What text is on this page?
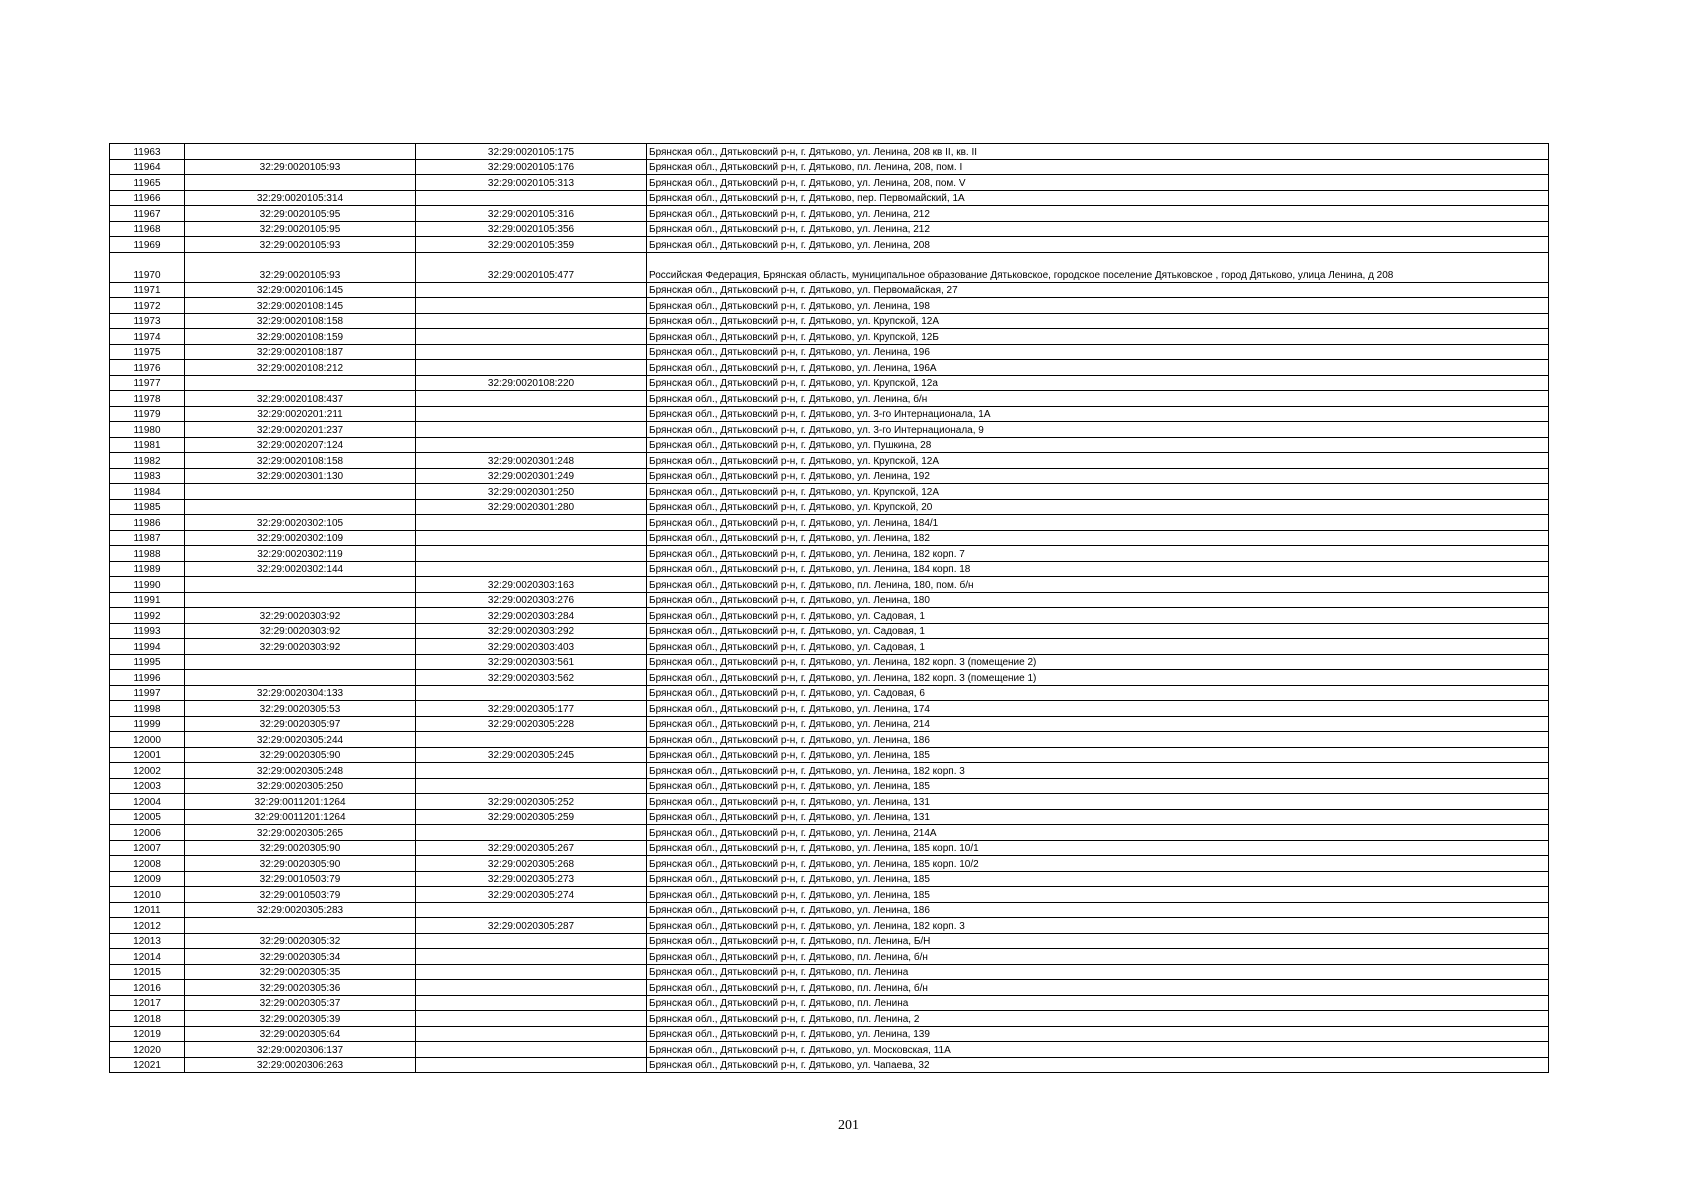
11963		32:29:0020105:175	Брянская обл., Дятьковский р-н, г. Дятьково, ул. Ленина, 208 кв II, кв. II
11964	32:29:0020105:93	32:29:0020105:176	Брянская обл., Дятьковский р-н, г. Дятьково, пл. Ленина, 208, пом. I
11965		32:29:0020105:313	Брянская обл., Дятьковский р-н, г. Дятьково, ул. Ленина, 208, пом. V
11966	32:29:0020105:314		Брянская обл., Дятьковский р-н, г. Дятьково, пер. Первомайский, 1А
11967	32:29:0020105:95	32:29:0020105:316	Брянская обл., Дятьковский р-н, г. Дятьково, ул. Ленина, 212
11968	32:29:0020105:95	32:29:0020105:356	Брянская обл., Дятьковский р-н, г. Дятьково, ул. Ленина, 212
11969	32:29:0020105:93	32:29:0020105:359	Брянская обл., Дятьковский р-н, г. Дятьково, ул. Ленина, 208
11970	32:29:0020105:93	32:29:0020105:477	Российская Федерация, Брянская область, муниципальное образование Дятьковское, городское поселение Дятьковское , город Дятьково, улица Ленина, д 208
11971	32:29:0020106:145		Брянская обл., Дятьковский р-н, г. Дятьково, ул. Первомайская, 27
11972	32:29:0020108:145		Брянская обл., Дятьковский р-н, г. Дятьково, ул. Ленина, 198
11973	32:29:0020108:158		Брянская обл., Дятьковский р-н, г. Дятьково, ул. Крупской, 12А
11974	32:29:0020108:159		Брянская обл., Дятьковский р-н, г. Дятьково, ул. Крупской, 12Б
11975	32:29:0020108:187		Брянская обл., Дятьковский р-н, г. Дятьково, ул. Ленина, 196
11976	32:29:0020108:212		Брянская обл., Дятьковский р-н, г. Дятьково, ул. Ленина, 196А
11977		32:29:0020108:220	Брянская обл., Дятьковский р-н, г. Дятьково, ул. Крупской, 12а
11978	32:29:0020108:437		Брянская обл., Дятьковский р-н, г. Дятьково, ул. Ленина, б/н
11979	32:29:0020201:211		Брянская обл., Дятьковский р-н, г. Дятьково, ул. 3-го Интернационала, 1А
11980	32:29:0020201:237		Брянская обл., Дятьковский р-н, г. Дятьково, ул. 3-го Интернационала, 9
11981	32:29:0020207:124		Брянская обл., Дятьковский р-н, г. Дятьково, ул. Пушкина, 28
11982	32:29:0020108:158	32:29:0020301:248	Брянская обл., Дятьковский р-н, г. Дятьково, ул. Крупской, 12А
11983	32:29:0020301:130	32:29:0020301:249	Брянская обл., Дятьковский р-н, г. Дятьково, ул. Ленина, 192
11984		32:29:0020301:250	Брянская обл., Дятьковский р-н, г. Дятьково, ул. Крупской, 12А
11985		32:29:0020301:280	Брянская обл., Дятьковский р-н, г. Дятьково, ул. Крупской, 20
11986	32:29:0020302:105		Брянская обл., Дятьковский р-н, г. Дятьково, ул. Ленина, 184/1
11987	32:29:0020302:109		Брянская обл., Дятьковский р-н, г. Дятьково, ул. Ленина, 182
11988	32:29:0020302:119		Брянская обл., Дятьковский р-н, г. Дятьково, ул. Ленина, 182 корп. 7
11989	32:29:0020302:144		Брянская обл., Дятьковский р-н, г. Дятьково, ул. Ленина, 184 корп. 18
11990		32:29:0020303:163	Брянская обл., Дятьковский р-н, г. Дятьково, пл. Ленина, 180, пом. б/н
11991		32:29:0020303:276	Брянская обл., Дятьковский р-н, г. Дятьково, ул. Ленина, 180
11992	32:29:0020303:92	32:29:0020303:284	Брянская обл., Дятьковский р-н, г. Дятьково, ул. Садовая, 1
11993	32:29:0020303:92	32:29:0020303:292	Брянская обл., Дятьковский р-н, г. Дятьково, ул. Садовая, 1
11994	32:29:0020303:92	32:29:0020303:403	Брянская обл., Дятьковский р-н, г. Дятьково, ул. Садовая, 1
11995		32:29:0020303:561	Брянская обл., Дятьковский р-н, г. Дятьково, ул. Ленина, 182 корп. 3 (помещение 2)
11996		32:29:0020303:562	Брянская обл., Дятьковский р-н, г. Дятьково, ул. Ленина, 182 корп. 3 (помещение 1)
11997	32:29:0020304:133		Брянская обл., Дятьковский р-н, г. Дятьково, ул. Садовая, 6
11998	32:29:0020305:53	32:29:0020305:177	Брянская обл., Дятьковский р-н, г. Дятьково, ул. Ленина, 174
11999	32:29:0020305:97	32:29:0020305:228	Брянская обл., Дятьковский р-н, г. Дятьково, ул. Ленина, 214
12000	32:29:0020305:244		Брянская обл., Дятьковский р-н, г. Дятьково, ул. Ленина, 186
12001	32:29:0020305:90	32:29:0020305:245	Брянская обл., Дятьковский р-н, г. Дятьково, ул. Ленина, 185
12002	32:29:0020305:248		Брянская обл., Дятьковский р-н, г. Дятьково, ул. Ленина, 182 корп. 3
12003	32:29:0020305:250		Брянская обл., Дятьковский р-н, г. Дятьково, ул. Ленина, 185
12004	32:29:0011201:1264	32:29:0020305:252	Брянская обл., Дятьковский р-н, г. Дятьково, ул. Ленина, 131
12005	32:29:0011201:1264	32:29:0020305:259	Брянская обл., Дятьковский р-н, г. Дятьково, ул. Ленина, 131
12006	32:29:0020305:265		Брянская обл., Дятьковский р-н, г. Дятьково, ул. Ленина, 214А
12007	32:29:0020305:90	32:29:0020305:267	Брянская обл., Дятьковский р-н, г. Дятьково, ул. Ленина, 185 корп. 10/1
12008	32:29:0020305:90	32:29:0020305:268	Брянская обл., Дятьковский р-н, г. Дятьково, ул. Ленина, 185 корп. 10/2
12009	32:29:0010503:79	32:29:0020305:273	Брянская обл., Дятьковский р-н, г. Дятьково, ул. Ленина, 185
12010	32:29:0010503:79	32:29:0020305:274	Брянская обл., Дятьковский р-н, г. Дятьково, ул. Ленина, 185
12011	32:29:0020305:283		Брянская обл., Дятьковский р-н, г. Дятьково, ул. Ленина, 186
12012		32:29:0020305:287	Брянская обл., Дятьковский р-н, г. Дятьково, ул. Ленина, 182 корп. 3
12013	32:29:0020305:32		Брянская обл., Дятьковский р-н, г. Дятьково, пл. Ленина, Б/Н
12014	32:29:0020305:34		Брянская обл., Дятьковский р-н, г. Дятьково, пл. Ленина, б/н
12015	32:29:0020305:35		Брянская обл., Дятьковский р-н, г. Дятьково, пл. Ленина
12016	32:29:0020305:36		Брянская обл., Дятьковский р-н, г. Дятьково, пл. Ленина, б/н
12017	32:29:0020305:37		Брянская обл., Дятьковский р-н, г. Дятьково, пл. Ленина
12018	32:29:0020305:39		Брянская обл., Дятьковский р-н, г. Дятьково, пл. Ленина, 2
12019	32:29:0020305:64		Брянская обл., Дятьковский р-н, г. Дятьково, ул. Ленина, 139
12020	32:29:0020306:137		Брянская обл., Дятьковский р-н, г. Дятьково, ул. Московская, 11А
12021	32:29:0020306:263		Брянская обл., Дятьковский р-н, г. Дятьково, ул. Чапаева, 32
201
